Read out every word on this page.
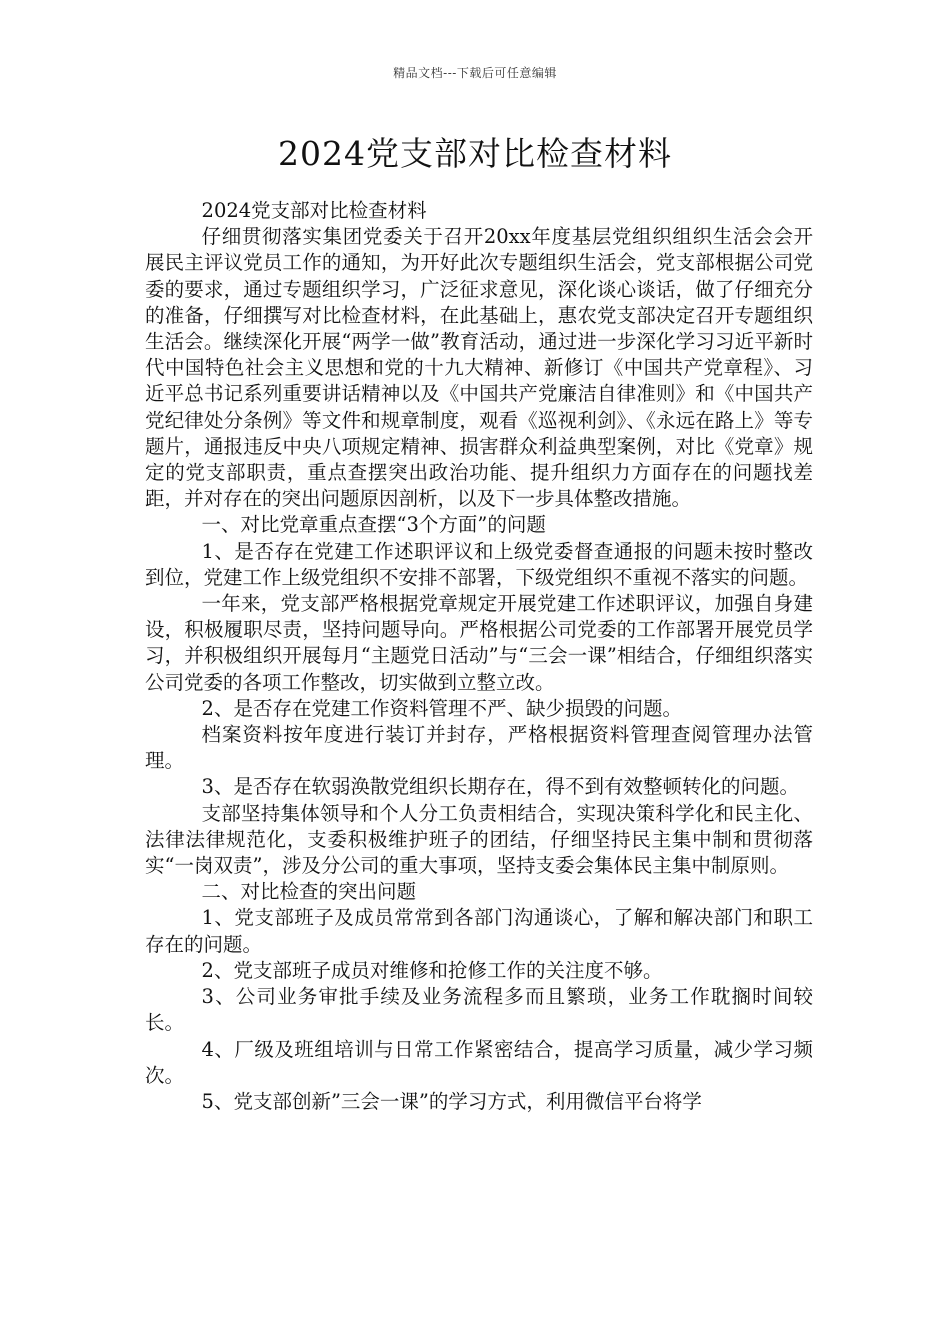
精品文档---下载后可任意编辑
2024党支部对比检查材料

2024党支部对比检查材料

仔细贯彻落实集团党委关于召开20xx年度基层党组织组织生活会会开展民主评议党员工作的通知，为开好此次专题组织生活会，党支部根据公司党委的要求，通过专题组织学习，广泛征求意见，深化谈心谈话，做了仔细充分的准备，仔细撰写对比检查材料，在此基础上，惠农党支部决定召开专题组织生活会。继续深化开展“两学一做”教育活动，通过进一步深化学习习近平新时代中国特色社会主义思想和党的十九大精神、新修订《中国共产党章程》、习近平总书记系列重要讲话精神以及《中国共产党廉洁自律准则》和《中国共产党纪律处分条例》等文件和规章制度，观看《巡视利剑》、《永远在路上》等专题片，通报违反中央八项规定精神、损害群众利益典型案例，对比《党章》规定的党支部职责，重点查摆突出政治功能、提升组织力方面存在的问题找差距，并对存在的突出问题原因剖析，以及下一步具体整改措施。

一、对比党章重点查摆“3个方面”的问题

1、是否存在党建工作述职评议和上级党委督查通报的问题未按时整改到位，党建工作上级党组织不安排不部署，下级党组织不重视不落实的问题。

一年来，党支部严格根据党章规定开展党建工作述职评议，加强自身建设，积极履职尽责，坚持问题导向。严格根据公司党委的工作部署开展党员学习，并积极组织开展每月“主题党日活动”与“三会一课”相结合，仔细组织落实公司党委的各项工作整改，切实做到立整立改。

2、是否存在党建工作资料管理不严、缺少损毁的问题。

档案资料按年度进行装订并封存，严格根据资料管理查阅管理办法管理。

3、是否存在软弱涣散党组织长期存在，得不到有效整顿转化的问题。

支部坚持集体领导和个人分工负责相结合，实现决策科学化和民主化、法律法律规范化，支委积极维护班子的团结，仔细坚持民主集中制和贯彻落实“一岗双责”，涉及分公司的重大事项，坚持支委会集体民主集中制原则。

二、对比检查的突出问题

1、党支部班子及成员常常到各部门沟通谈心，了解和解决部门和职工存在的问题。

2、党支部班子成员对维修和抢修工作的关注度不够。

3、公司业务审批手续及业务流程多而且繁琐，业务工作耽搁时间较长。

4、厂级及班组培训与日常工作紧密结合，提高学习质量，减少学习频次。

5、党支部创新”三会一课”的学习方式，利用微信平台将学
